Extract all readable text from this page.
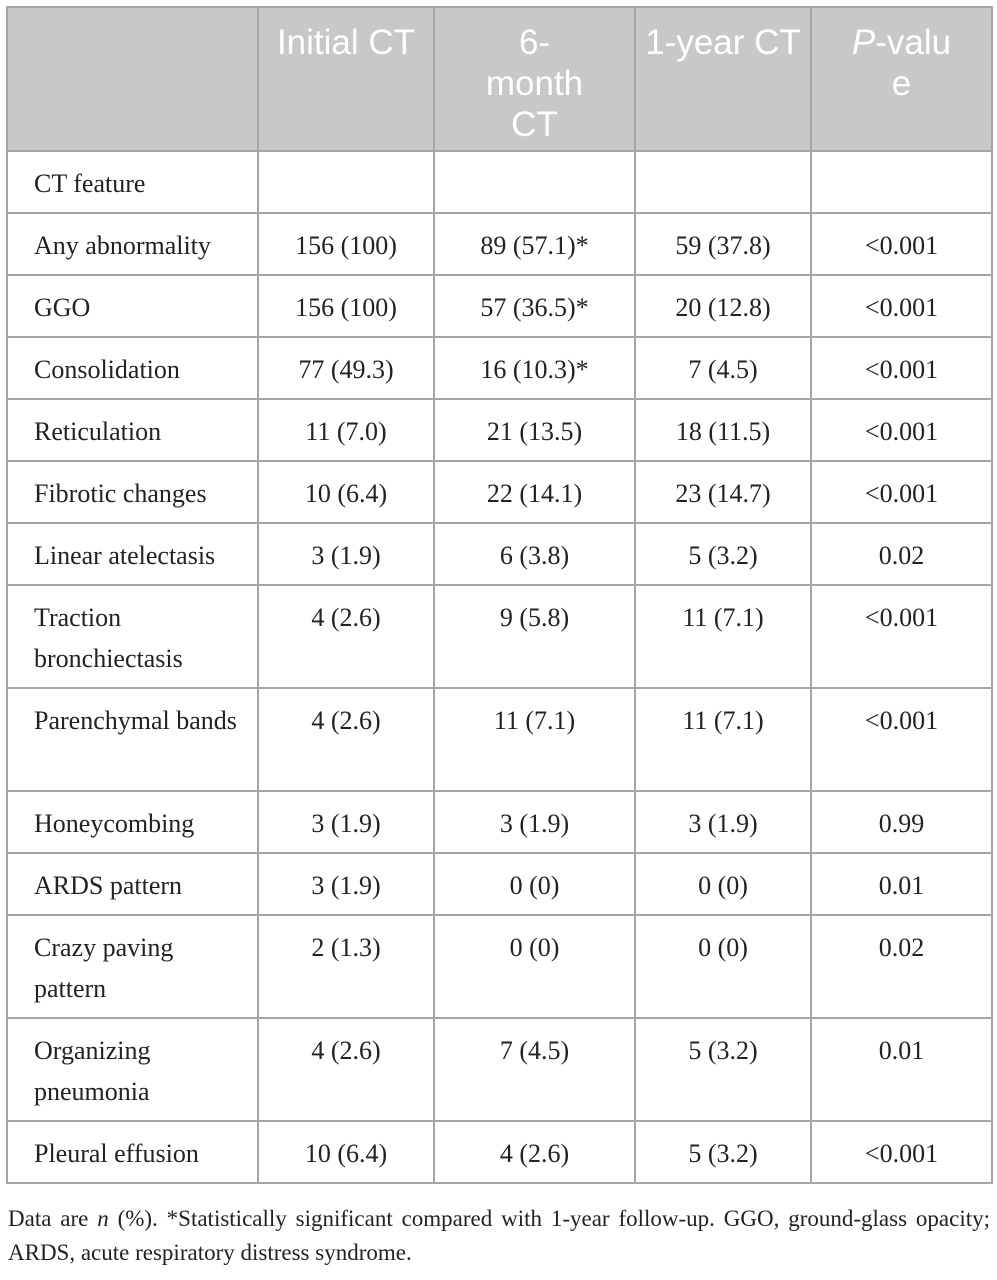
	Initial CT	6-month CT	1-year CT	P-value

CT feature				
Any abnormality	156 (100)	89 (57.1)*	59 (37.8)	<0.001
GGO	156 (100)	57 (36.5)*	20 (12.8)	<0.001
Consolidation	77 (49.3)	16 (10.3)*	7 (4.5)	<0.001
Reticulation	11 (7.0)	21 (13.5)	18 (11.5)	<0.001
Fibrotic changes	10 (6.4)	22 (14.1)	23 (14.7)	<0.001
Linear atelectasis	3 (1.9)	6 (3.8)	5 (3.2)	0.02
Traction bronchiectasis	4 (2.6)	9 (5.8)	11 (7.1)	<0.001
Parenchymal bands	4 (2.6)	11 (7.1)	11 (7.1)	<0.001
Honeycombing	3 (1.9)	3 (1.9)	3 (1.9)	0.99
ARDS pattern	3 (1.9)	0 (0)	0 (0)	0.01
Crazy paving pattern	2 (1.3)	0 (0)	0 (0)	0.02
Organizing pneumonia	4 (2.6)	7 (4.5)	5 (3.2)	0.01
Pleural effusion	10 (6.4)	4 (2.6)	5 (3.2)	<0.001
Data are n (%). *Statistically significant compared with 1-year follow-up. GGO, ground-glass opacity; ARDS, acute respiratory distress syndrome.
